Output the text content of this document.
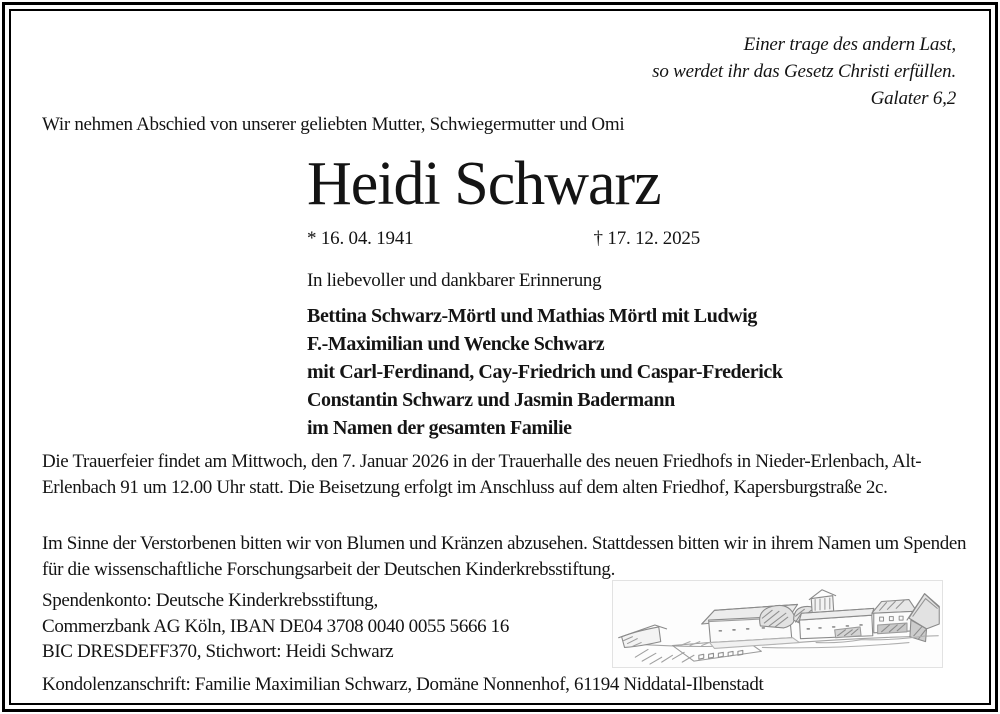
Einer trage des andern Last,
so werdet ihr das Gesetz Christi erfüllen.
Galater 6,2
Wir nehmen Abschied von unserer geliebten Mutter, Schwiegermutter und Omi
Heidi Schwarz
* 16. 04. 1941	† 17. 12. 2025
In liebevoller und dankbarer Erinnerung
Bettina Schwarz-Mörtl und Mathias Mörtl mit Ludwig
F.-Maximilian und Wencke Schwarz
mit Carl-Ferdinand, Cay-Friedrich und Caspar-Frederick
Constantin Schwarz und Jasmin Badermann
im Namen der gesamten Familie
Die Trauerfeier findet am Mittwoch, den 7. Januar 2026 in der Trauerhalle des neuen Friedhofs in Nieder-Erlenbach, Alt-Erlenbach 91 um 12.00 Uhr statt. Die Beisetzung erfolgt im Anschluss auf dem alten Friedhof, Kapersburgstraße 2c.
Im Sinne der Verstorbenen bitten wir von Blumen und Kränzen abzusehen. Stattdessen bitten wir in ihrem Namen um Spenden für die wissenschaftliche Forschungsarbeit der Deutschen Kinderkrebsstiftung.
Spendenkonto: Deutsche Kinderkrebsstiftung,
Commerzbank AG Köln, IBAN DE04 3708 0040 0055 5666 16
BIC DRESDEFF370, Stichwort: Heidi Schwarz
Kondolenzanschrift: Familie Maximilian Schwarz, Domäne Nonnenhof, 61194 Niddatal-Ilbenstadt
